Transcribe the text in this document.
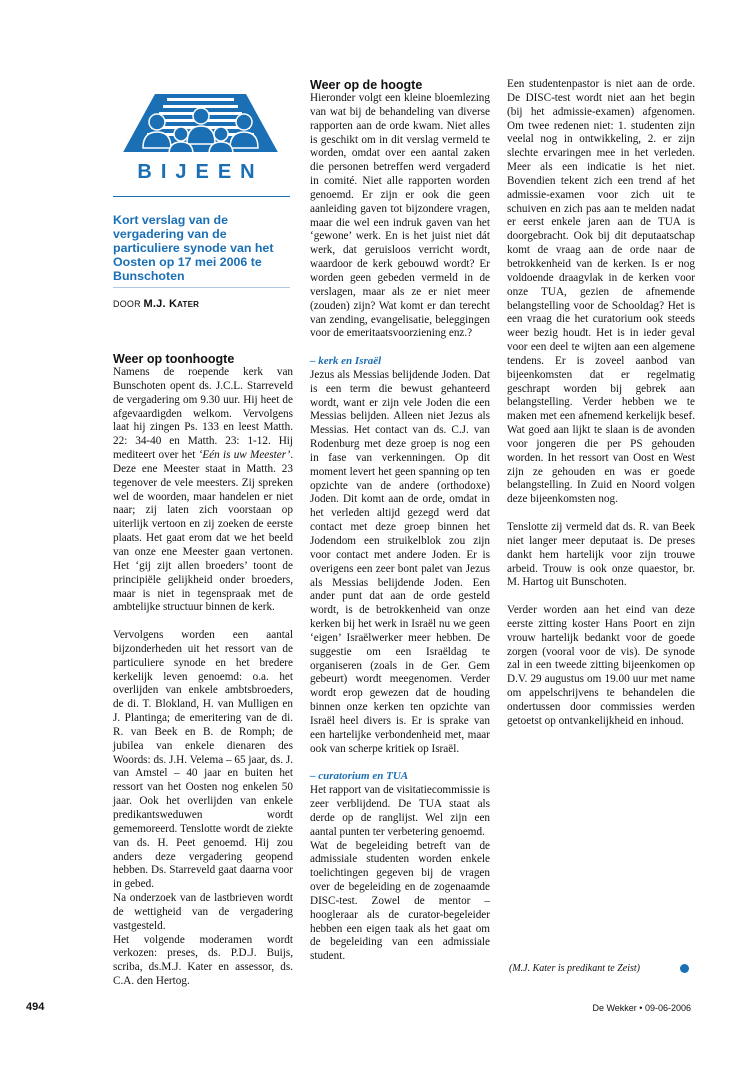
BIJEEN
Kort verslag van de vergadering van de particuliere synode van het Oosten op 17 mei 2006 te Bunschoten
DOOR M.J. Kater

Weer op toonhoogte

Namens de roepende kerk van Bunschoten opent ds. J.C.L. Starreveld de vergadering om 9.30 uur. Hij heet de afgevaardigden welkom. Vervolgens laat hij zingen Ps. 133 en leest Matth. 22: 34-40 en Matth. 23: 1-12. Hij mediteert over het ‘Eén is uw Meester’. Deze ene Meester staat in Matth. 23 tegenover de vele meesters. Zij spreken wel de woorden, maar handelen er niet naar; zij laten zich voorstaan op uiterlijk vertoon en zij zoeken de eerste plaats. Het gaat erom dat we het beeld van onze ene Meester gaan vertonen. Het ‘gij zijt allen broeders’ toont de principiële gelijkheid onder broeders, maar is niet in tegenspraak met de ambtelijke structuur binnen de kerk.

Vervolgens worden een aantal bijzonderheden uit het ressort van de particuliere synode en het bredere kerkelijk leven genoemd: o.a. het overlijden van enkele ambtsbroeders, de di. T. Blokland, H. van Mulligen en J. Plantinga; de emeritering van de di. R. van Beek en B. de Romph; de jubilea van enkele dienaren des Woords: ds. J.H. Velema – 65 jaar, ds. J. van Amstel – 40 jaar en buiten het ressort van het Oosten nog enkelen 50 jaar. Ook het overlijden van enkele predikantsweduwen wordt gememoreerd. Tenslotte wordt de ziekte van ds. H. Peet genoemd. Hij zou anders deze vergadering geopend hebben. Ds. Starreveld gaat daarna voor in gebed.

Na onderzoek van de lastbrieven wordt de wettigheid van de vergadering vastgesteld.

Het volgende moderamen wordt verkozen: preses, ds. P.D.J. Buijs, scriba, ds.M.J. Kater en assessor, ds. C.A. den Hertog.

Weer op de hoogte

Hieronder volgt een kleine bloemlezing van wat bij de behandeling van diverse rapporten aan de orde kwam. Niet alles is geschikt om in dit verslag vermeld te worden, omdat over een aantal zaken die personen betreffen werd vergaderd in comité. Niet alle rapporten worden genoemd. Er zijn er ook die geen aanleiding gaven tot bijzondere vragen, maar die wel een indruk gaven van het ‘gewone’ werk. En is het juist niet dát werk, dat geruisloos verricht wordt, waardoor de kerk gebouwd wordt? Er worden geen gebeden vermeld in de verslagen, maar als ze er niet meer (zouden) zijn? Wat komt er dan terecht van zending, evangelisatie, beleggingen voor de emeritaatsvoorziening enz.?

– kerk en Israël

Jezus als Messias belijdende Joden. Dat is een term die bewust gehanteerd wordt, want er zijn vele Joden die een Messias belijden. Alleen niet Jezus als Messias. Het contact van ds. C.J. van Rodenburg met deze groep is nog een in fase van verkenningen. Op dit moment levert het geen spanning op ten opzichte van de andere (orthodoxe) Joden. Dit komt aan de orde, omdat in het verleden altijd gezegd werd dat contact met deze groep binnen het Jodendom een struikelblok zou zijn voor contact met andere Joden. Er is overigens een zeer bont palet van Jezus als Messias belijdende Joden. Een ander punt dat aan de orde gesteld wordt, is de betrokkenheid van onze kerken bij het werk in Israël nu we geen ‘eigen’ Israëlwerker meer hebben. De suggestie om een Israëldag te organiseren (zoals in de Ger. Gem gebeurt) wordt meegenomen. Verder wordt erop gewezen dat de houding binnen onze kerken ten opzichte van Israël heel divers is. Er is sprake van een hartelijke verbondenheid met, maar ook van scherpe kritiek op Israël.

– curatorium en TUA

Het rapport van de visitatiecommissie is zeer verblijdend. De TUA staat als derde op de ranglijst. Wel zijn een aantal punten ter verbetering genoemd.

Wat de begeleiding betreft van de admissiale studenten worden enkele toelichtingen gegeven bij de vragen over de begeleiding en de zogenaamde DISC-test. Zowel de mentor – hoogleraar als de curator-begeleider hebben een eigen taak als het gaat om de begeleiding van een admissiale student.

Een studentenpastor is niet aan de orde. De DISC-test wordt niet aan het begin (bij het admissie-examen) afgenomen. Om twee redenen niet: 1. studenten zijn veelal nog in ontwikkeling, 2. er zijn slechte ervaringen mee in het verleden. Meer als een indicatie is het niet. Bovendien tekent zich een trend af het admissie-examen voor zich uit te schuiven en zich pas aan te melden nadat er eerst enkele jaren aan de TUA is doorgebracht. Ook bij dit deputaatschap komt de vraag aan de orde naar de betrokkenheid van de kerken. Is er nog voldoende draagvlak in de kerken voor onze TUA, gezien de afnemende belangstelling voor de Schooldag? Het is een vraag die het curatorium ook steeds weer bezig houdt. Het is in ieder geval voor een deel te wijten aan een algemene tendens. Er is zoveel aanbod van bijeenkomsten dat er regelmatig geschrapt worden bij gebrek aan belangstelling. Verder hebben we te maken met een afnemend kerkelijk besef. Wat goed aan lijkt te slaan is de avonden voor jongeren die per PS gehouden worden. In het ressort van Oost en West zijn ze gehouden en was er goede belangstelling. In Zuid en Noord volgen deze bijeenkomsten nog.

Tenslotte zij vermeld dat ds. R. van Beek niet langer meer deputaat is. De preses dankt hem hartelijk voor zijn trouwe arbeid. Trouw is ook onze quaestor, br. M. Hartog uit Bunschoten.

Verder worden aan het eind van deze eerste zitting koster Hans Poort en zijn vrouw hartelijk bedankt voor de goede zorgen (vooral voor de vis). De synode zal in een tweede zitting bijeenkomen op D.V. 29 augustus om 19.00 uur met name om appelschrijvens te behandelen die ondertussen door commissies werden getoetst op ontvankelijkheid en inhoud.

(M.J. Kater is predikant te Zeist)
494	De Wekker • 09-06-2006
